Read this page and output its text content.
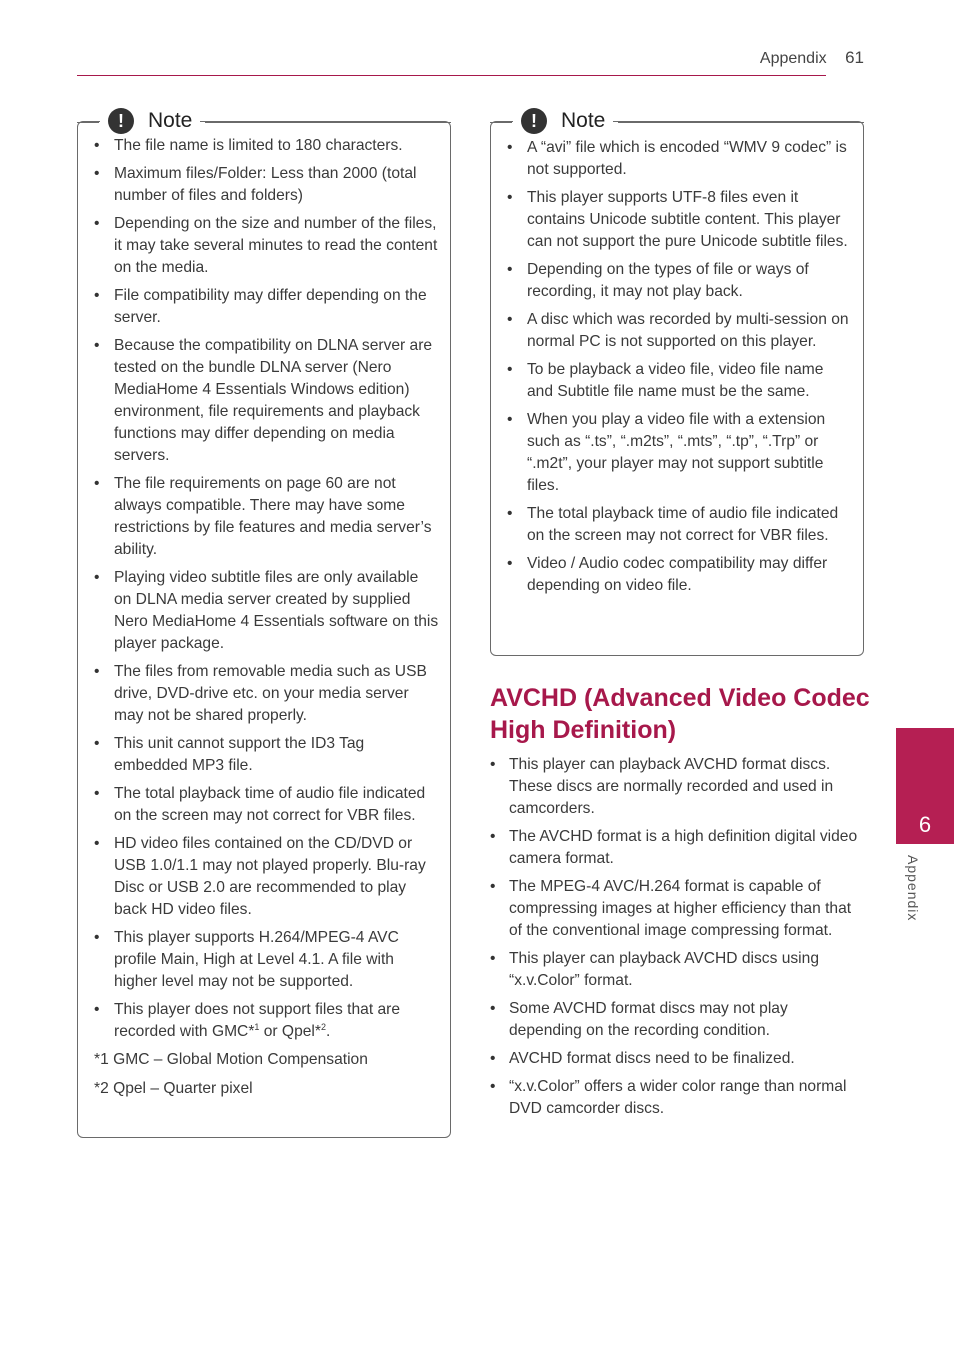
Appendix 61
!	Note
• The file name is limited to 180 characters.
• Maximum files/Folder: Less than 2000 (total number of files and folders)
• Depending on the size and number of the files, it may take several minutes to read the content on the media.
• File compatibility may differ depending on the server.
• Because the compatibility on DLNA server are tested on the bundle DLNA server (Nero MediaHome 4 Essentials Windows edition) environment, file requirements and playback functions may differ depending on media servers.
• The file requirements on page 60 are not always compatible. There may have some restrictions by file features and media server’s ability.
• Playing video subtitle files are only available on DLNA media server created by supplied Nero MediaHome 4 Essentials software on this player package.
• The files from removable media such as USB drive, DVD-drive etc. on your media server may not be shared properly.
• This unit cannot support the ID3 Tag embedded MP3 file.
• The total playback time of audio file indicated on the screen may not correct for VBR files.
• HD video files contained on the CD/DVD or USB 1.0/1.1 may not played properly. Blu-ray Disc or USB 2.0 are recommended to play back HD video files.
• This player supports H.264/MPEG-4 AVC profile Main, High at Level 4.1. A file with higher level may not be supported.
• This player does not support files that are recorded with GMC*$^1$ or Qpel*$^2$.
*1 GMC – Global Motion Compensation
*2 Qpel – Quarter pixel
!	Note
• A “avi” file which is encoded “WMV 9 codec” is not supported.
• This player supports UTF-8 files even it contains Unicode subtitle content. This player can not support the pure Unicode subtitle files.
• Depending on the types of file or ways of recording, it may not play back.
• A disc which was recorded by multi-session on normal PC is not supported on this player.
• To be playback a video file, video file name and Subtitle file name must be the same.
• When you play a video file with a extension such as “.ts”, “.m2ts”, “.mts”, “.tp”, “.Trp” or “.m2t”, your player may not support subtitle files.
• The total playback time of audio file indicated on the screen may not correct for VBR files.
• Video / Audio codec compatibility may differ depending on video file.
AVCHD (Advanced Video Codec High Definition)
• This player can playback AVCHD format discs. These discs are normally recorded and used in camcorders.
• The AVCHD format is a high definition digital video camera format.
• The MPEG-4 AVC/H.264 format is capable of compressing images at higher efficiency than that of the conventional image compressing format.
• This player can playback AVCHD discs using “x.v.Color” format.
• Some AVCHD format discs may not play depending on the recording condition.
• AVCHD format discs need to be finalized.
• “x.v.Color” offers a wider color range than normal DVD camcorder discs.
6
Appendix
